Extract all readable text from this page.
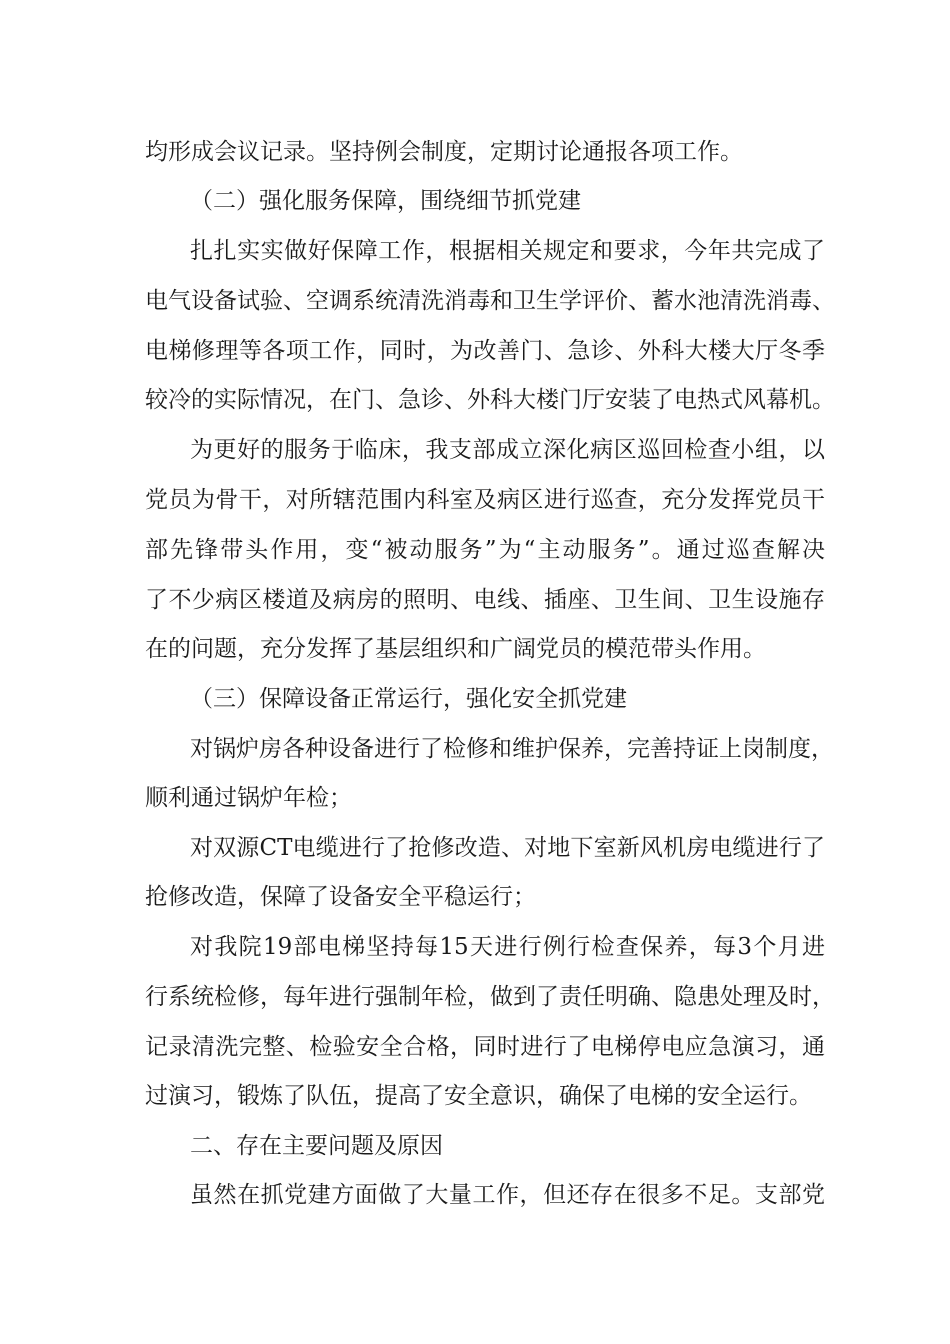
均形成会议记录。坚持例会制度，定期讨论通报各项工作。
（二）强化服务保障，围绕细节抓党建
扎扎实实做好保障工作，根据相关规定和要求，今年共完成了
电气设备试验、空调系统清洗消毒和卫生学评价、蓄水池清洗消毒、
电梯修理等各项工作，同时，为改善门、急诊、外科大楼大厅冬季
较冷的实际情况，在门、急诊、外科大楼门厅安装了电热式风幕机。
为更好的服务于临床，我支部成立深化病区巡回检查小组，以
党员为骨干，对所辖范围内科室及病区进行巡查，充分发挥党员干
部先锋带头作用，变“被动服务”为“主动服务”。通过巡查解决
了不少病区楼道及病房的照明、电线、插座、卫生间、卫生设施存
在的问题，充分发挥了基层组织和广阔党员的模范带头作用。
（三）保障设备正常运行，强化安全抓党建
对锅炉房各种设备进行了检修和维护保养，完善持证上岗制度，
顺利通过锅炉年检；
对双源CT电缆进行了抢修改造、对地下室新风机房电缆进行了
抢修改造，保障了设备安全平稳运行；
对我院19部电梯坚持每15天进行例行检查保养，每3个月进
行系统检修，每年进行强制年检，做到了责任明确、隐患处理及时，
记录清洗完整、检验安全合格，同时进行了电梯停电应急演习，通
过演习，锻炼了队伍，提高了安全意识，确保了电梯的安全运行。
二、存在主要问题及原因
虽然在抓党建方面做了大量工作，但还存在很多不足。支部党
